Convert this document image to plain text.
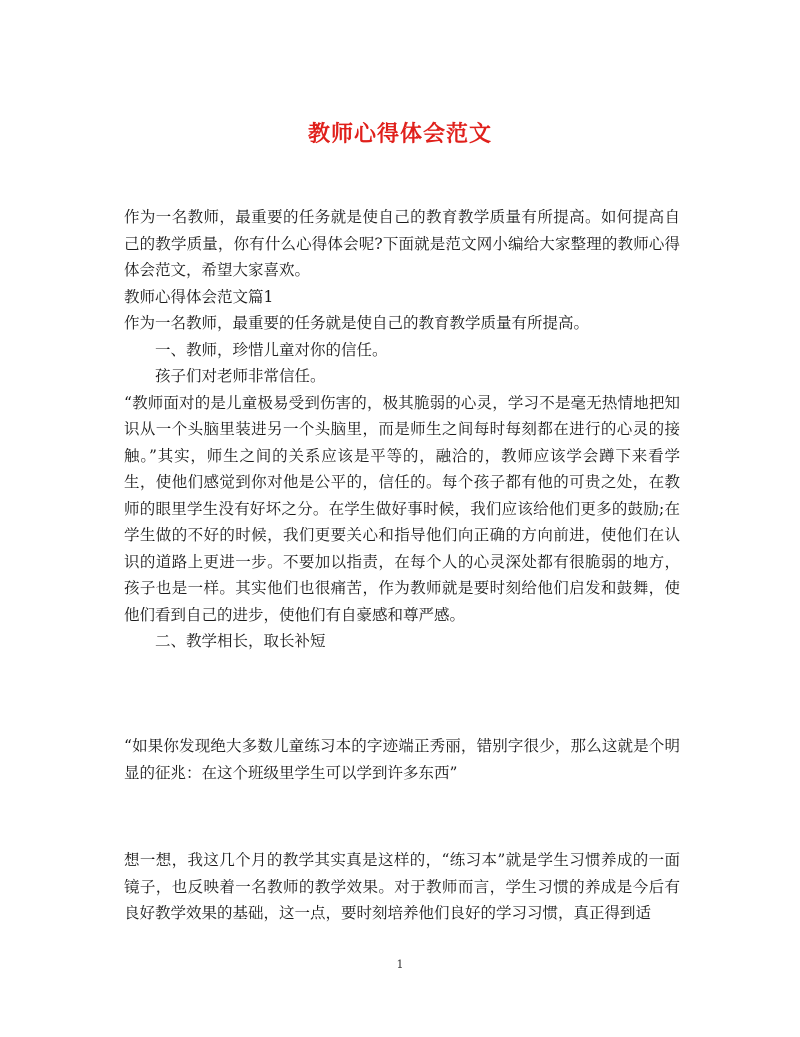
教师心得体会范文

作为一名教师，最重要的任务就是使自己的教育教学质量有所提高。如何提高自己的教学质量，你有什么心得体会呢?下面就是范文网小编给大家整理的教师心得体会范文，希望大家喜欢。

教师心得体会范文篇1

作为一名教师，最重要的任务就是使自己的教育教学质量有所提高。

一、教师，珍惜儿童对你的信任。

孩子们对老师非常信任。

“教师面对的是儿童极易受到伤害的，极其脆弱的心灵，学习不是毫无热情地把知识从一个头脑里装进另一个头脑里，而是师生之间每时每刻都在进行的心灵的接触。”其实，师生之间的关系应该是平等的，融洽的，教师应该学会蹲下来看学生，使他们感觉到你对他是公平的，信任的。每个孩子都有他的可贵之处，在教师的眼里学生没有好坏之分。在学生做好事时候，我们应该给他们更多的鼓励;在学生做的不好的时候，我们更要关心和指导他们向正确的方向前进，使他们在认识的道路上更进一步。不要加以指责，在每个人的心灵深处都有很脆弱的地方，孩子也是一样。其实他们也很痛苦，作为教师就是要时刻给他们启发和鼓舞，使他们看到自己的进步，使他们有自豪感和尊严感。

二、教学相长，取长补短

“如果你发现绝大多数儿童练习本的字迹端正秀丽，错别字很少，那么这就是个明显的征兆：在这个班级里学生可以学到许多东西”

想一想，我这几个月的教学其实真是这样的，“练习本”就是学生习惯养成的一面镜子，也反映着一名教师的教学效果。对于教师而言，学生习惯的养成是今后有良好教学效果的基础，这一点，要时刻培养他们良好的学习习惯，真正得到适

1
